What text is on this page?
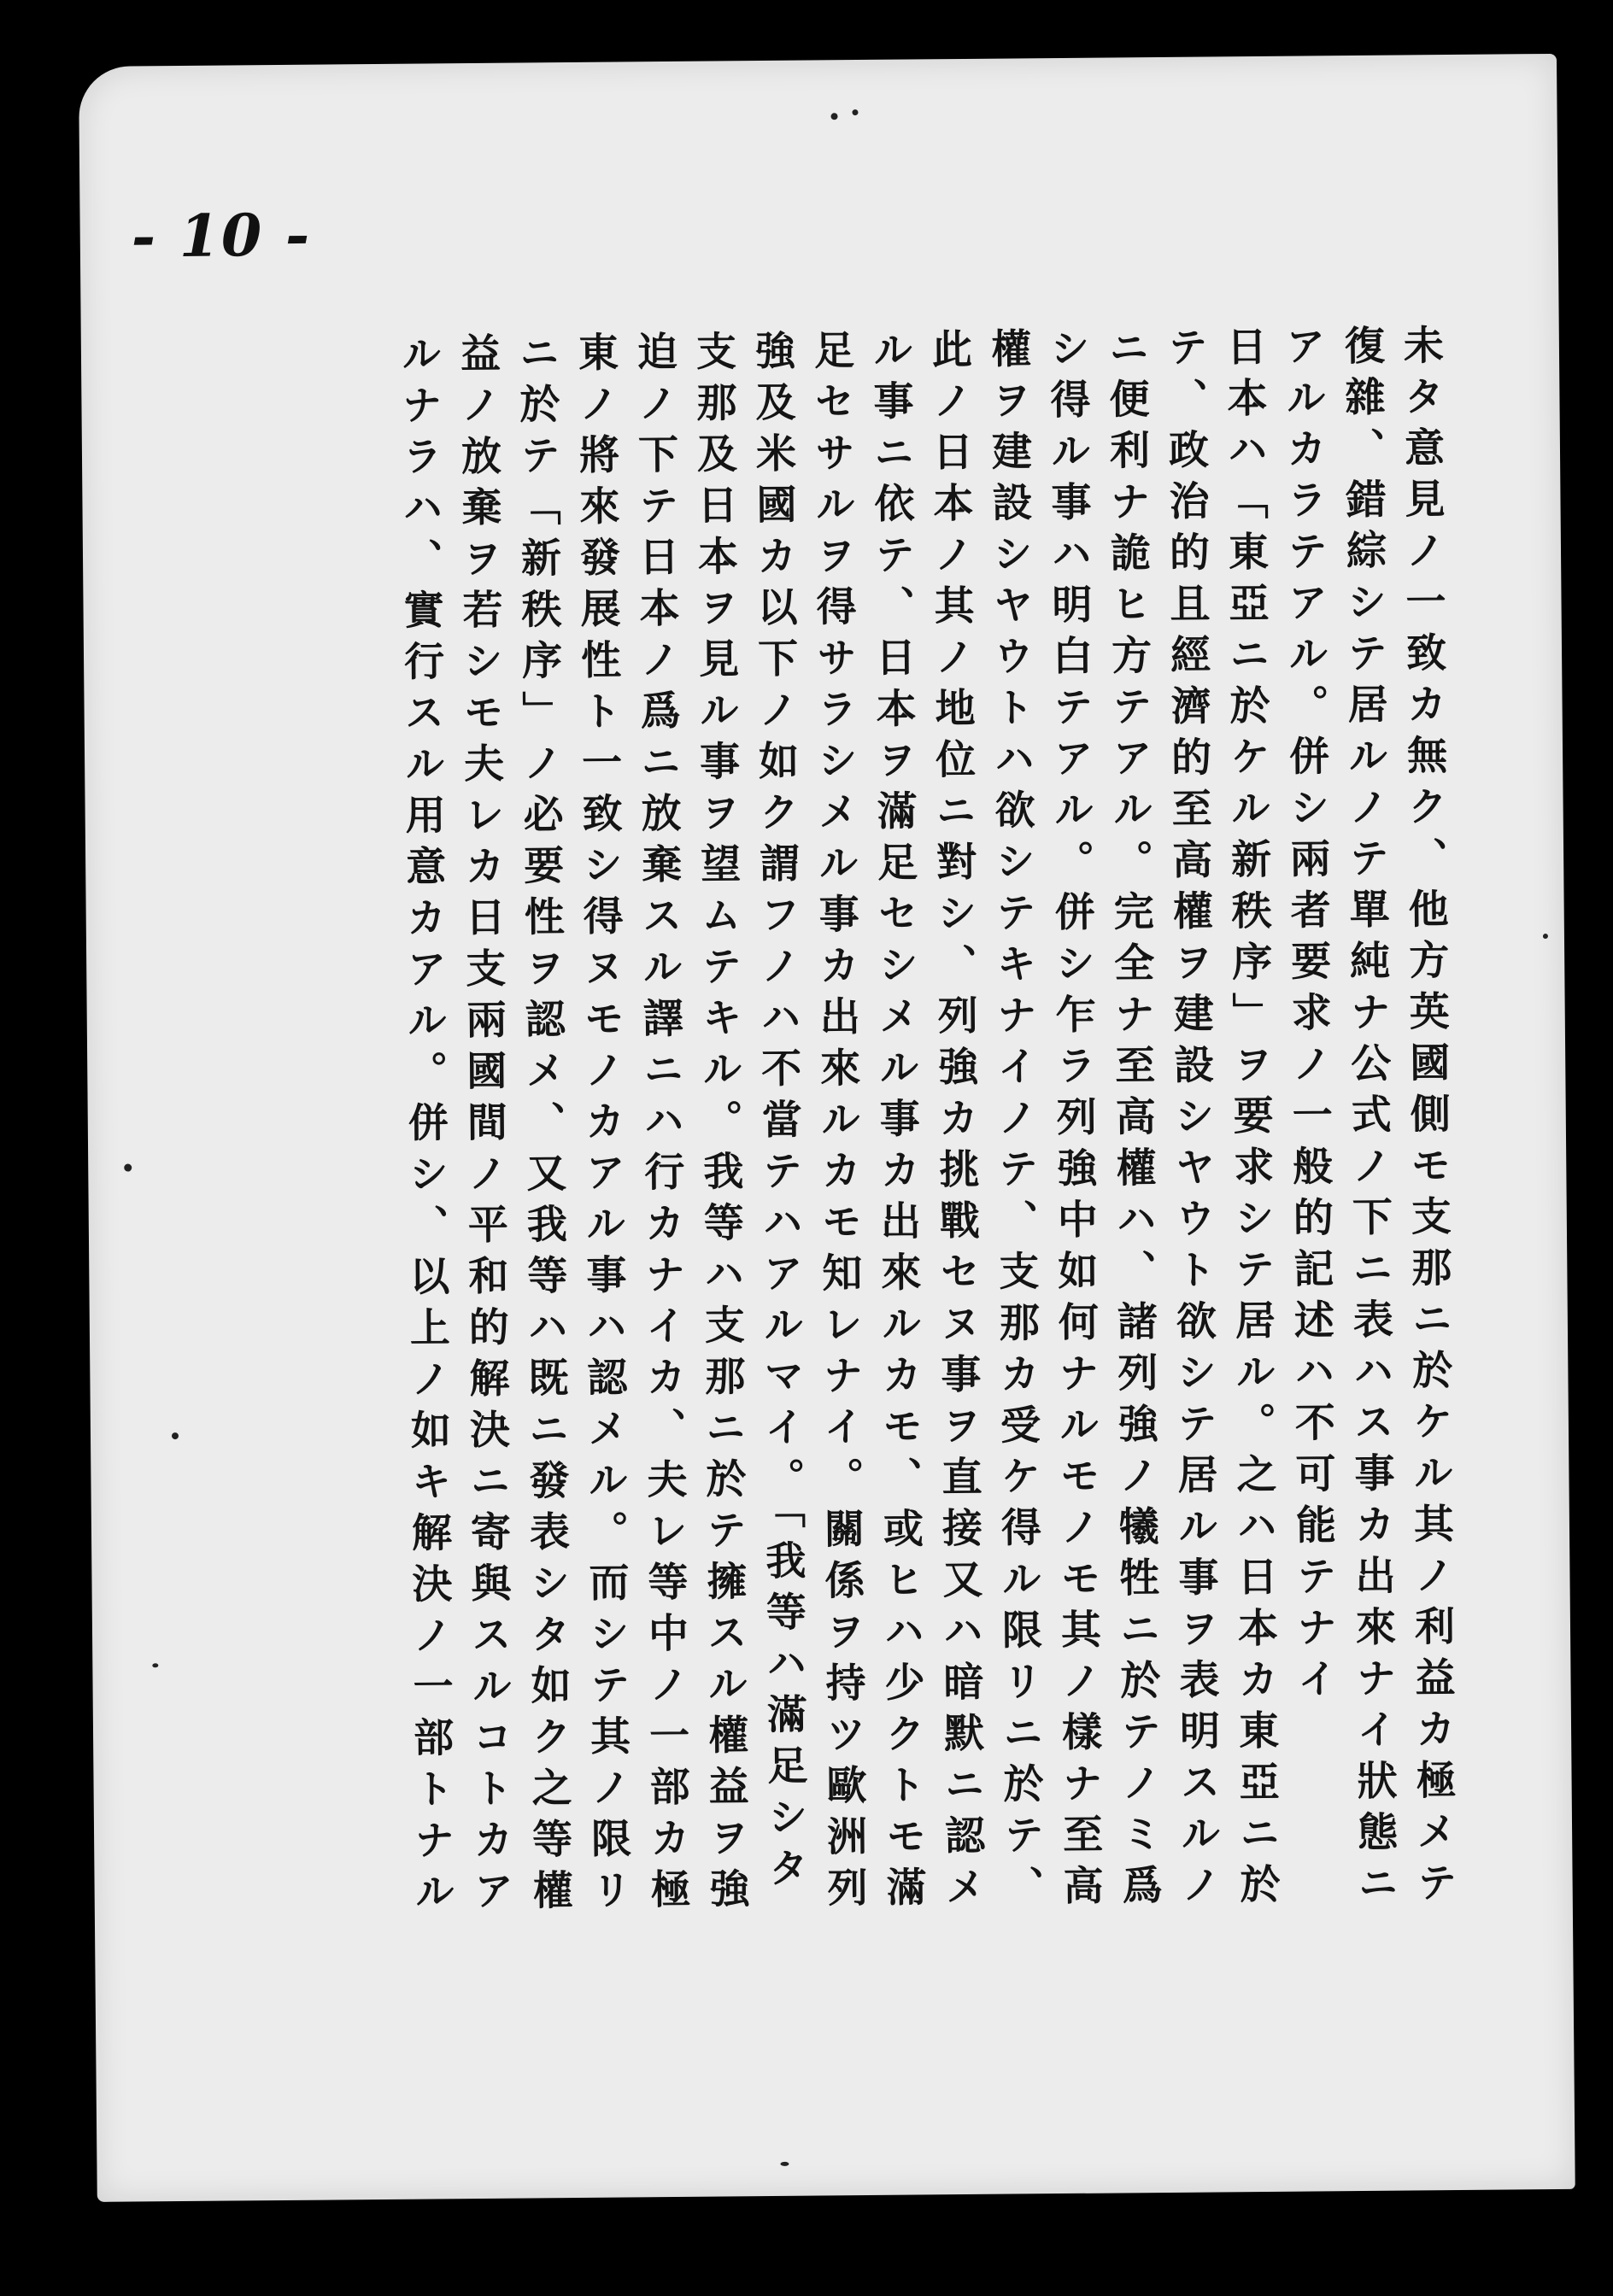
- 10 -
未タ意見ノ一致カ無ク、他方英國側モ支那ニ於ケル其ノ利益カ極メテ
復雜、錯綜シテ居ルノテ單純ナ公式ノ下ニ表ハス事カ出來ナイ狀態ニ
アルカラテアル。併シ兩者要求ノ一般的記述ハ不可能テナイ
日本ハ「東亞ニ於ケル新秩序」ヲ要求シテ居ル。之ハ日本カ東亞ニ於
テ、政治的且經濟的至高權ヲ建設シヤウト欲シテ居ル事ヲ表明スルノ
ニ便利ナ詭ヒ方テアル。完全ナ至高權ハ、諸列強ノ犧牲ニ於テノミ爲
シ得ル事ハ明白テアル。併シ乍ラ列強中如何ナルモノモ其ノ樣ナ至高
權ヲ建設シヤウトハ欲シテキナイノテ、支那カ受ケ得ル限リニ於テ、
此ノ日本ノ其ノ地位ニ對シ、列強カ挑戰セヌ事ヲ直接又ハ暗默ニ認メ
ル事ニ依テ、日本ヲ滿足セシメル事カ出來ルカモ、或ヒハ少クトモ滿
足セサルヲ得サラシメル事カ出來ルカモ知レナイ。關係ヲ持ツ歐洲列
強及米國カ以下ノ如ク謂フノハ不當テハアルマイ。「我等ハ滿足シタ
支那及日本ヲ見ル事ヲ望ムテキル。我等ハ支那ニ於テ擁スル權益ヲ強
迫ノ下テ日本ノ爲ニ放棄スル譯ニハ行カナイカ、夫レ等中ノ一部カ極
東ノ將來發展性ト一致シ得ヌモノカアル事ハ認メル。而シテ其ノ限リ
ニ於テ「新秩序」ノ必要性ヲ認メ、又我等ハ既ニ發表シタ如ク之等權
益ノ放棄ヲ若シモ夫レカ日支兩國間ノ平和的解決ニ寄與スルコトカア
ルナラハ、實行スル用意カアル。併シ、以上ノ如キ解決ノ一部トナル
